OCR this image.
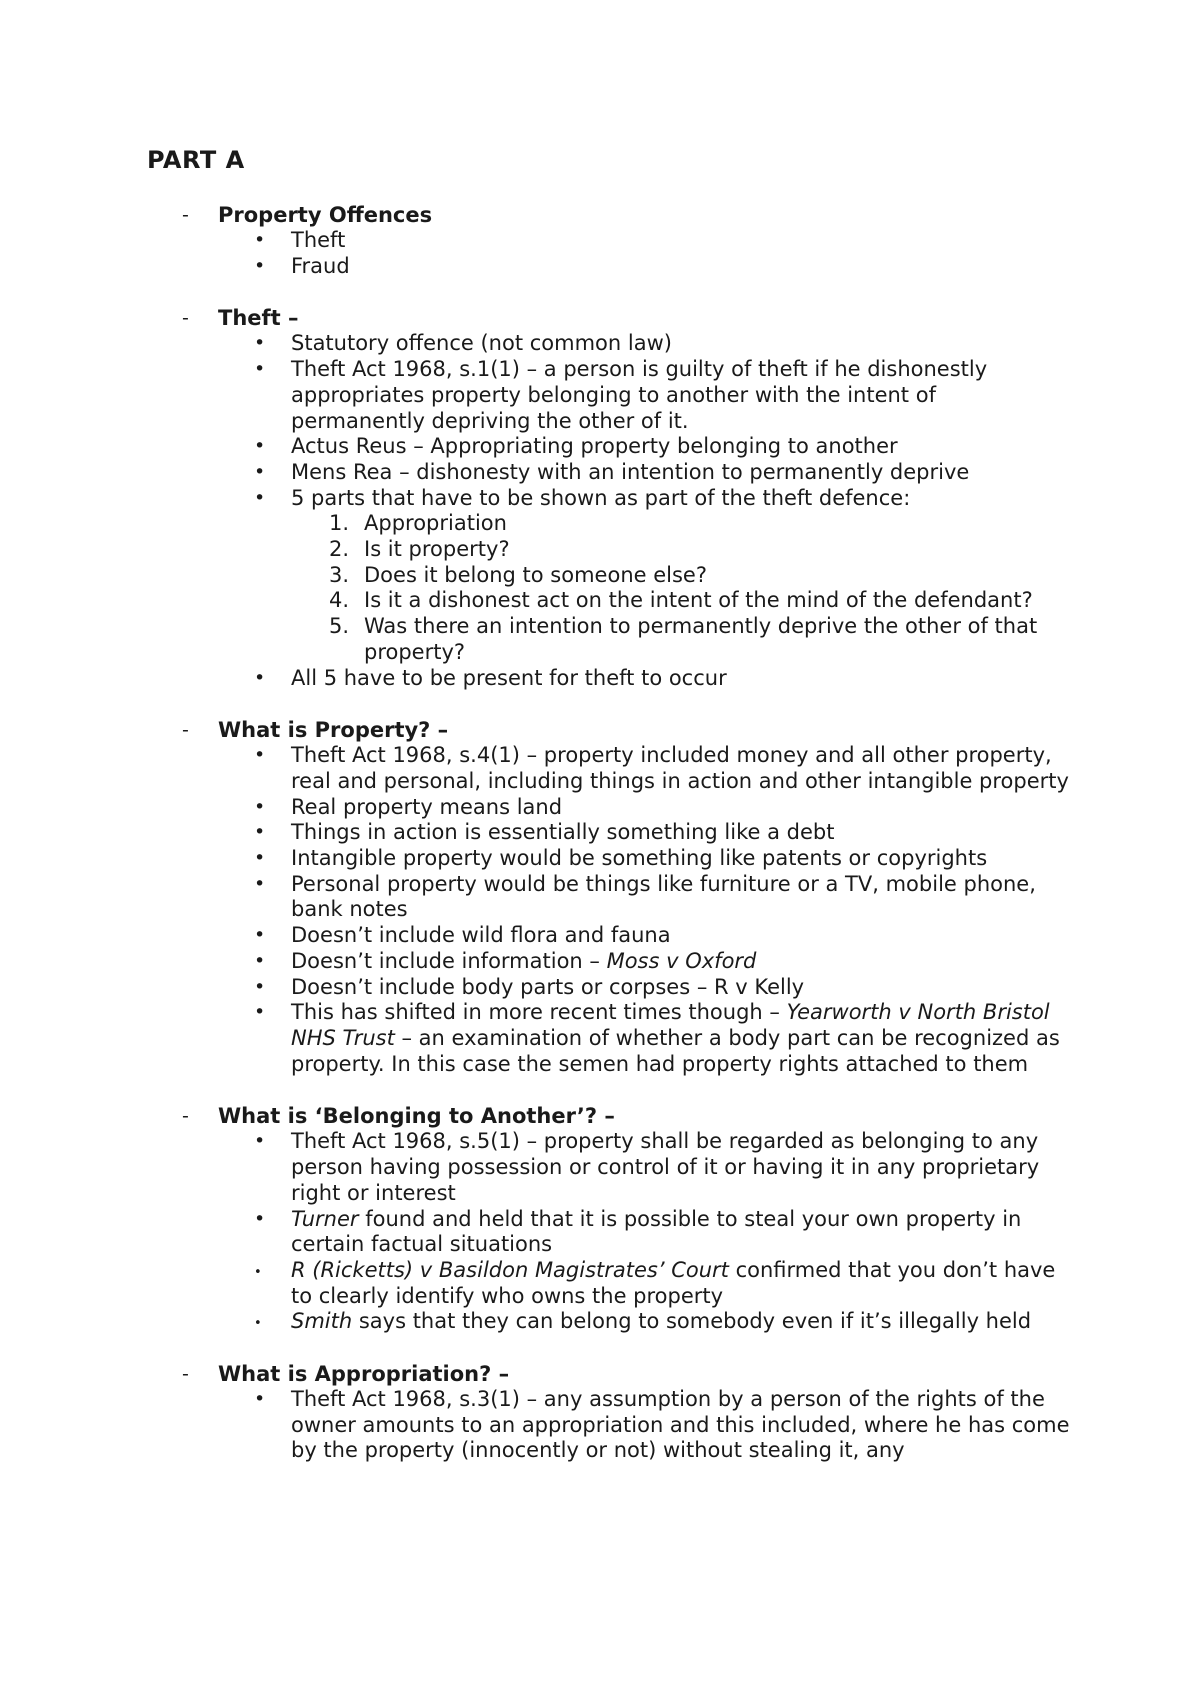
PART A
- Property Offences
• Theft
• Fraud
- Theft –
• Statutory offence (not common law)
• Theft Act 1968, s.1(1) – a person is guilty of theft if he dishonestly appropriates property belonging to another with the intent of permanently depriving the other of it.
• Actus Reus – Appropriating property belonging to another
• Mens Rea – dishonesty with an intention to permanently deprive
• 5 parts that have to be shown as part of the theft defence:
1. Appropriation
2. Is it property?
3. Does it belong to someone else?
4. Is it a dishonest act on the intent of the mind of the defendant?
5. Was there an intention to permanently deprive the other of that property?
• All 5 have to be present for theft to occur
- What is Property? –
• Theft Act 1968, s.4(1) – property included money and all other property, real and personal, including things in action and other intangible property
• Real property means land
• Things in action is essentially something like a debt
• Intangible property would be something like patents or copyrights
• Personal property would be things like furniture or a TV, mobile phone, bank notes
• Doesn’t include wild flora and fauna
• Doesn’t include information – Moss v Oxford
• Doesn’t include body parts or corpses – R v Kelly
• This has shifted in more recent times though – Yearworth v North Bristol NHS Trust – an examination of whether a body part can be recognized as property. In this case the semen had property rights attached to them
- What is ‘Belonging to Another’? –
• Theft Act 1968, s.5(1) – property shall be regarded as belonging to any person having possession or control of it or having it in any proprietary right or interest
• Turner found and held that it is possible to steal your own property in certain factual situations
• R (Ricketts) v Basildon Magistrates’ Court confirmed that you don’t have to clearly identify who owns the property
• Smith says that they can belong to somebody even if it’s illegally held
- What is Appropriation? –
• Theft Act 1968, s.3(1) – any assumption by a person of the rights of the owner amounts to an appropriation and this included, where he has come by the property (innocently or not) without stealing it, any
